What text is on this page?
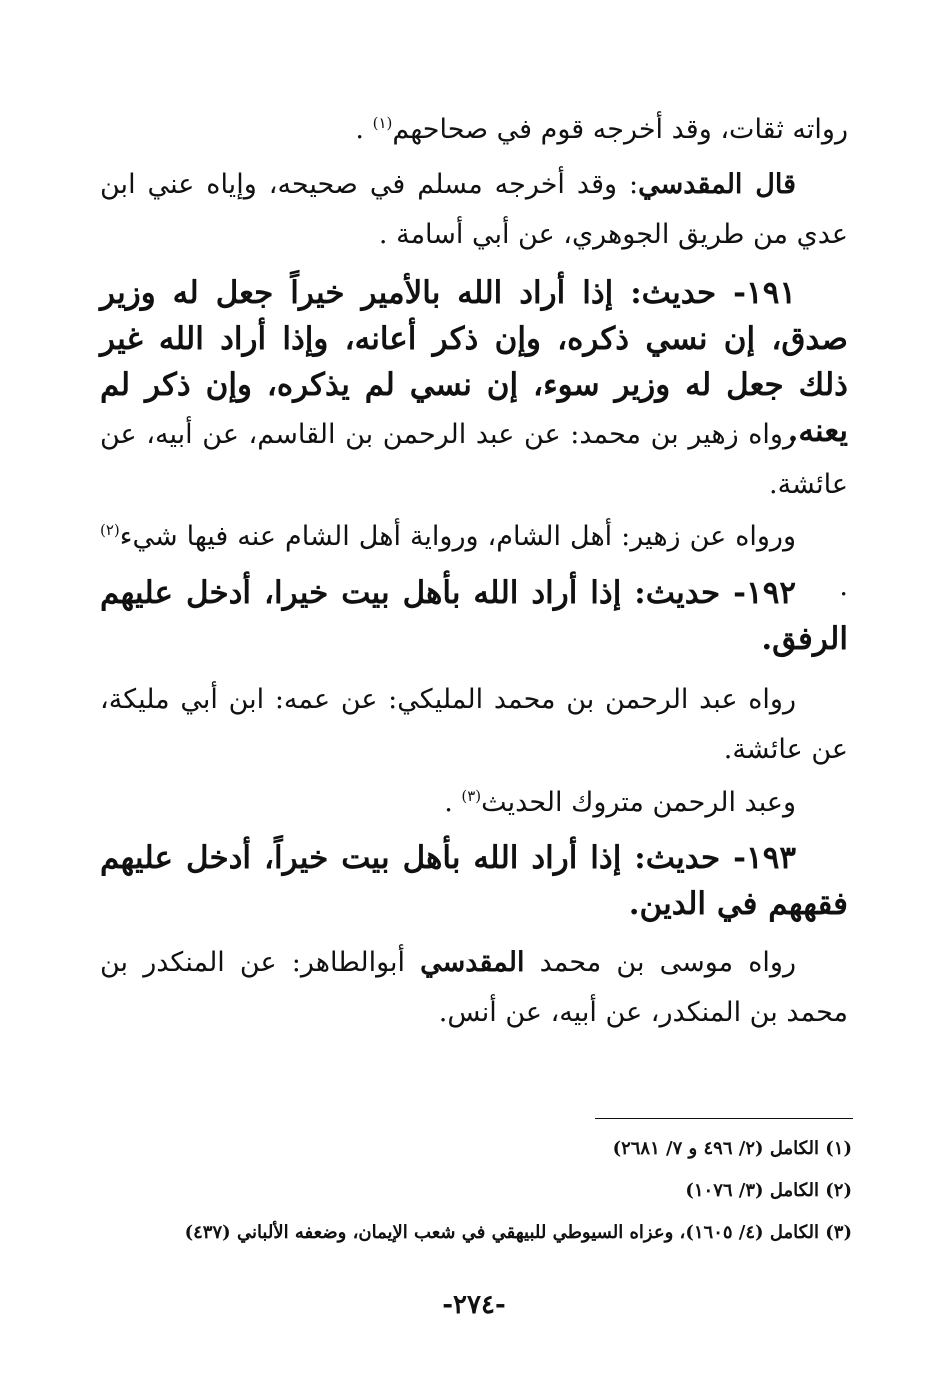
رواته ثقات، وقد أخرجه قوم في صحاحهم$^{(١)}$ .

قال المقدسي: وقد أخرجه مسلم في صحيحه، وإياه عني ابن عدي من طريق الجوهري، عن أبي أسامة .

١٩١- حديث: إذا أراد الله بالأمير خيراً جعل له وزير صدق، إن نسي ذكره، وإن ذكر أعانه، وإذا أراد الله غير ذلك جعل له وزير سوء، إن نسي لم يذكره، وإن ذكر لم يعنه.

رواه زهير بن محمد: عن عبد الرحمن بن القاسم، عن أبيه، عن عائشة.

ورواه عن زهير: أهل الشام، ورواية أهل الشام عنه فيها شيء$^{(٢)}$ .

١٩٢- حديث: إذا أراد الله بأهل بيت خيرا، أدخل عليهم الرفق.

رواه عبد الرحمن بن محمد المليكي: عن عمه: ابن أبي مليكة، عن عائشة.

وعبد الرحمن متروك الحديث$^{(٣)}$ .

١٩٣- حديث: إذا أراد الله بأهل بيت خيراً، أدخل عليهم فقههم في الدين.

رواه موسى بن محمد المقدسي أبوالطاهر: عن المنكدر بن محمد بن المنكدر، عن أبيه، عن أنس.

(١) الكامل (٢/ ٤٩٦ و ٧/ ٢٦٨١)

(٢) الكامل (٣/ ١٠٧٦)

(٣) الكامل (٤/ ١٦٠٥)، وعزاه السيوطي للبيهقي في شعب الإيمان، وضعفه الألباني (٤٣٧)

-٢٧٤-
